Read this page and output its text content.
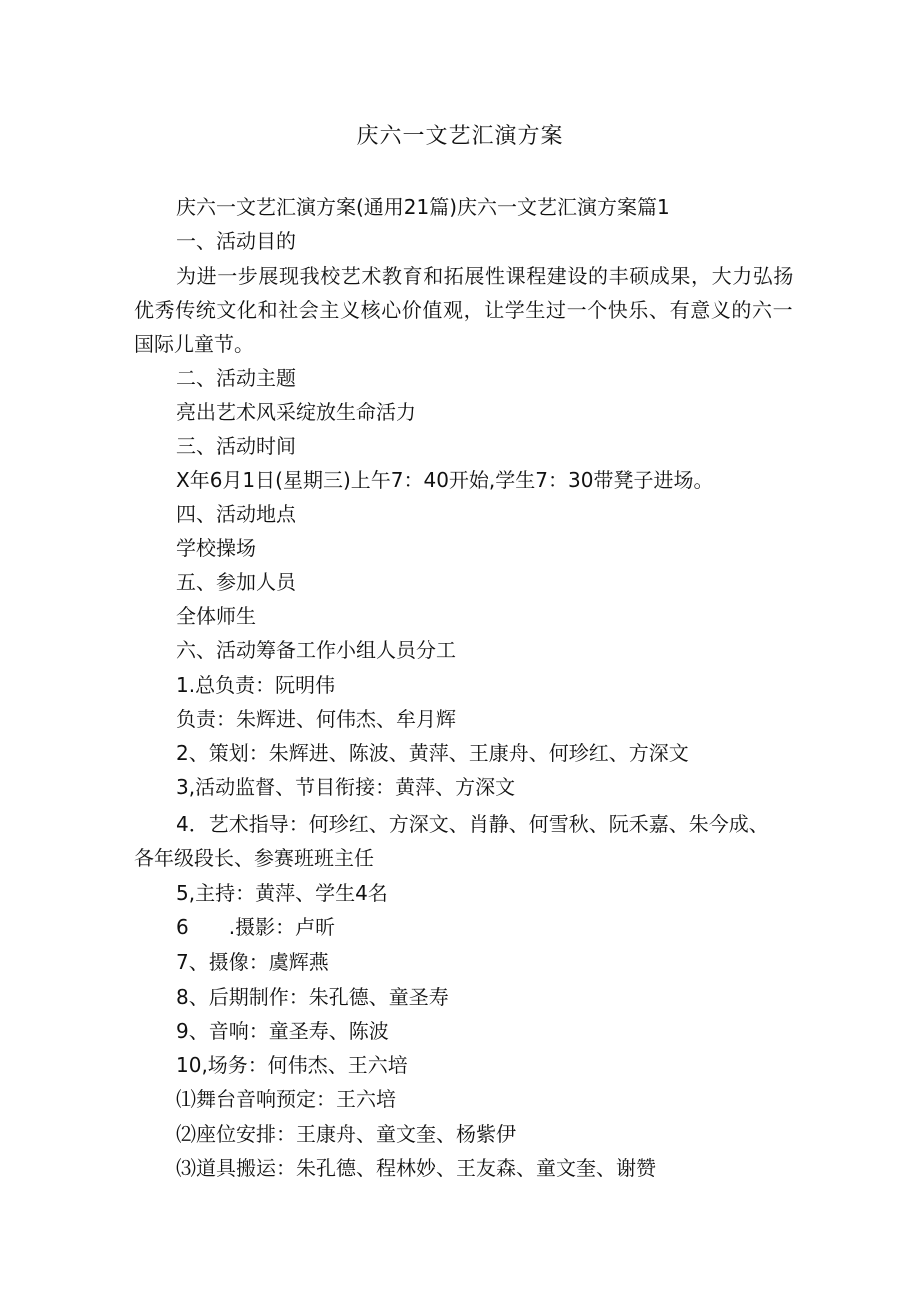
庆六一文艺汇演方案
庆六一文艺汇演方案(通用21篇)庆六一文艺汇演方案篇1
一、活动目的
为进一步展现我校艺术教育和拓展性课程建设的丰硕成果，大力弘扬
优秀传统文化和社会主义核心价值观，让学生过一个快乐、有意义的六一
国际儿童节。
二、活动主题
亮出艺术风采绽放生命活力
三、活动时间
X年6月1日(星期三)上午7：40开始,学生7：30带凳子进场。
四、活动地点
学校操场
五、参加人员
全体师生
六、活动筹备工作小组人员分工
1.总负责：阮明伟
负责：朱辉进、何伟杰、牟月辉
2、策划：朱辉进、陈波、黄萍、王康舟、何珍红、方深文
3,活动监督、节目衔接：黄萍、方深文
4．艺术指导：何珍红、方深文、肖静、何雪秋、阮禾嘉、朱今成、
各年级段长、参赛班班主任
5,主持：黄萍、学生4名
6　　.摄影：卢昕
7、摄像：虞辉燕
8、后期制作：朱孔德、童圣寿
9、音响：童圣寿、陈波
10,场务：何伟杰、王六培
⑴舞台音响预定：王六培
⑵座位安排：王康舟、童文奎、杨紫伊
⑶道具搬运：朱孔德、程林妙、王友森、童文奎、谢赞
